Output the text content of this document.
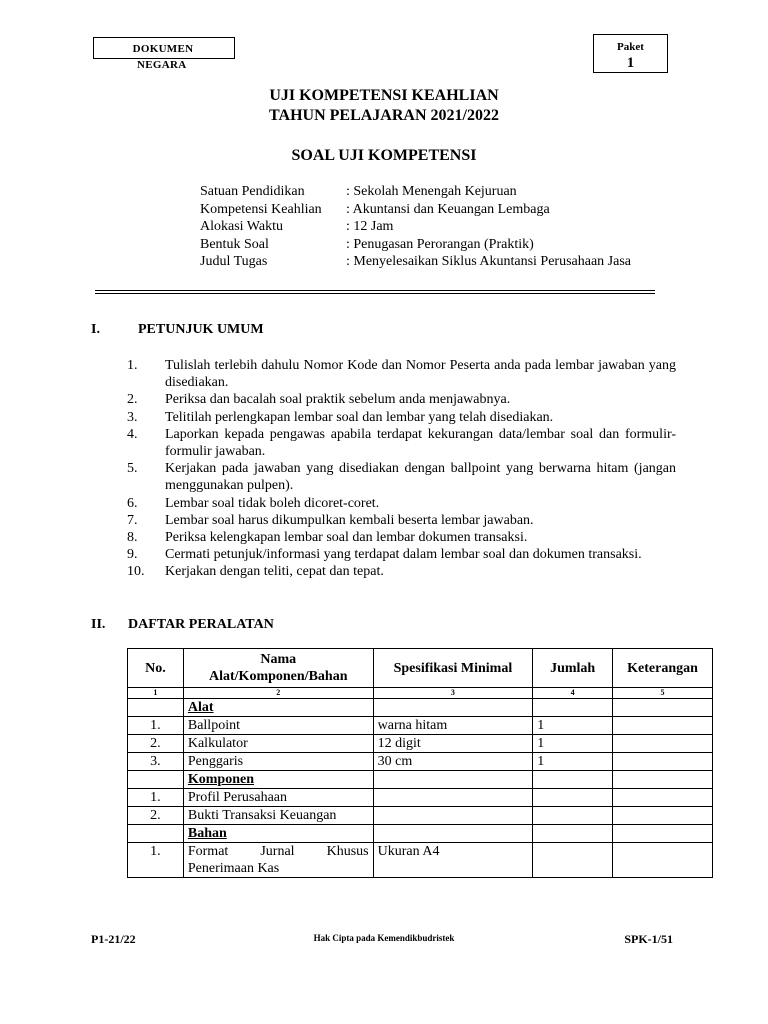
DOKUMEN
NEGARA
Paket
1
UJI KOMPETENSI KEAHLIAN
TAHUN PELAJARAN 2021/2022
SOAL UJI KOMPETENSI
Satuan Pendidikan	: Sekolah Menengah Kejuruan
Kompetensi Keahlian	: Akuntansi dan Keuangan Lembaga
Alokasi Waktu	: 12 Jam
Bentuk Soal	: Penugasan Perorangan (Praktik)
Judul Tugas	: Menyelesaikan Siklus Akuntansi Perusahaan Jasa
I.	PETUNJUK UMUM
1.	Tulislah terlebih dahulu Nomor Kode dan Nomor Peserta anda pada lembar jawaban yang disediakan.
2.	Periksa dan bacalah soal praktik sebelum anda menjawabnya.
3.	Telitilah perlengkapan lembar soal dan lembar yang telah disediakan.
4.	Laporkan kepada pengawas apabila terdapat kekurangan data/lembar soal dan formulir-formulir jawaban.
5.	Kerjakan pada jawaban yang disediakan dengan ballpoint yang berwarna hitam (jangan menggunakan pulpen).
6.	Lembar soal tidak boleh dicoret-coret.
7.	Lembar soal harus dikumpulkan kembali beserta lembar jawaban.
8.	Periksa kelengkapan lembar soal dan lembar dokumen transaksi.
9.	Cermati petunjuk/informasi yang terdapat dalam lembar soal dan dokumen transaksi.
10.	Kerjakan dengan teliti, cepat dan tepat.
II. DAFTAR PERALATAN
No.	Nama
Alat/Komponen/Bahan	Spesifikasi Minimal	Jumlah	Keterangan
1	2	3	4	5
	Alat			
1.	Ballpoint	warna hitam	1	
2.	Kalkulator	12 digit	1	
3.	Penggaris	30 cm	1	
	Komponen			
1.	Profil Perusahaan			
2.	Bukti Transaksi Keuangan			
	Bahan			
1.	Format Jurnal Khusus Penerimaan Kas	Ukuran A4		
P1-21/22	Hak Cipta pada Kemendikbudristek	SPK-1/51
